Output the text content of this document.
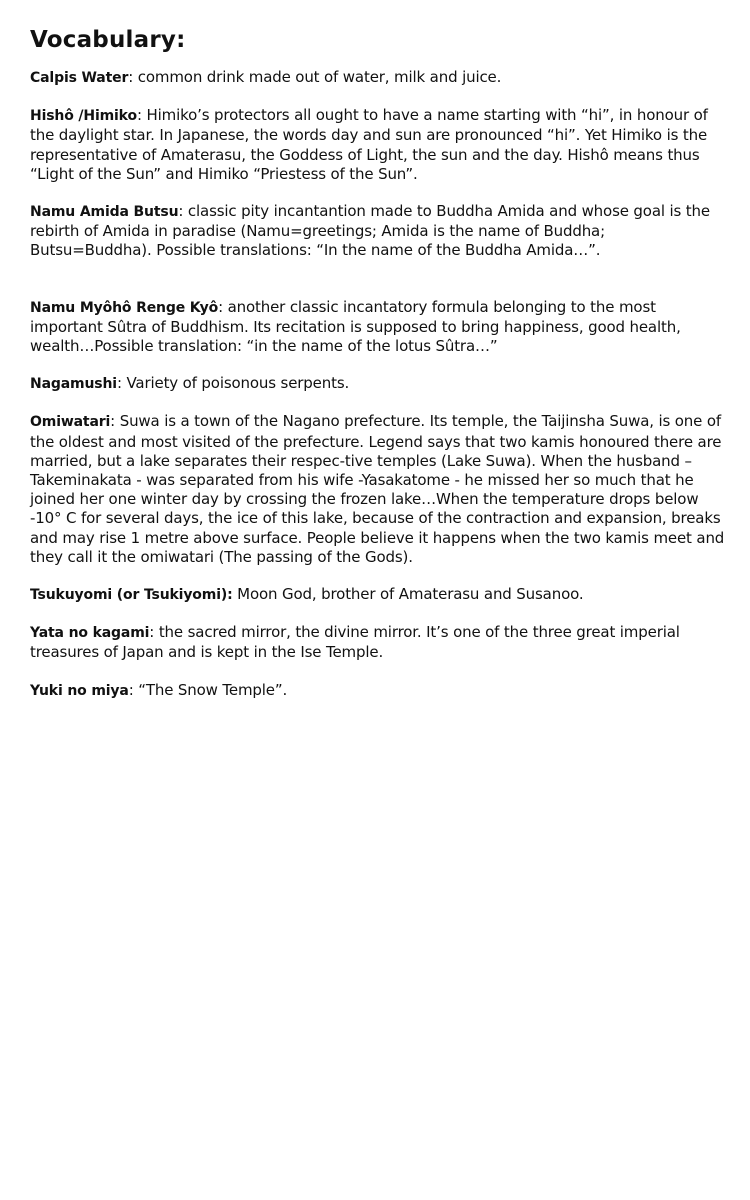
Vocabulary:

Calpis Water: common drink made out of water, milk and juice.

Hishô /Himiko: Himiko’s protectors all ought to have a name starting with “hi”, in honour of the daylight star. In Japanese, the words day and sun are pronounced “hi”. Yet Himiko is the representative of Amaterasu, the Goddess of Light, the sun and the day. Hishô means thus “Light of the Sun” and Himiko “Priestess of the Sun”.

Namu Amida Butsu: classic pity incantantion made to Buddha Amida and whose goal is the rebirth of Amida in paradise (Namu=greetings; Amida is the name of Buddha; Butsu=Buddha). Possible translations: “In the name of the Buddha Amida…”.

Namu Myôhô Renge Kyô: another classic incantatory formula belonging to the most important Sûtra of Buddhism. Its recitation is supposed to bring happiness, good health, wealth…Possible translation: “in the name of the lotus Sûtra…”

Nagamushi: Variety of poisonous serpents.

Omiwatari: Suwa is a town of the Nagano prefecture. Its temple, the Taijinsha Suwa, is one of the oldest and most visited of the prefecture. Legend says that two kamis honoured there are married, but a lake separates their respec-tive temples (Lake Suwa). When the husband – Takeminakata - was separated from his wife -Yasakatome - he missed her so much that he joined her one winter day by crossing the frozen lake…When the temperature drops below -10° C for several days, the ice of this lake, because of the contraction and expansion, breaks and may rise 1 metre above surface. People believe it happens when the two kamis meet and they call it the omiwatari (The passing of the Gods).

Tsukuyomi (or Tsukiyomi): Moon God, brother of Amaterasu and Susanoo.

Yata no kagami: the sacred mirror, the divine mirror. It’s one of the three great imperial treasures of Japan and is kept in the Ise Temple.

Yuki no miya: “The Snow Temple”.
